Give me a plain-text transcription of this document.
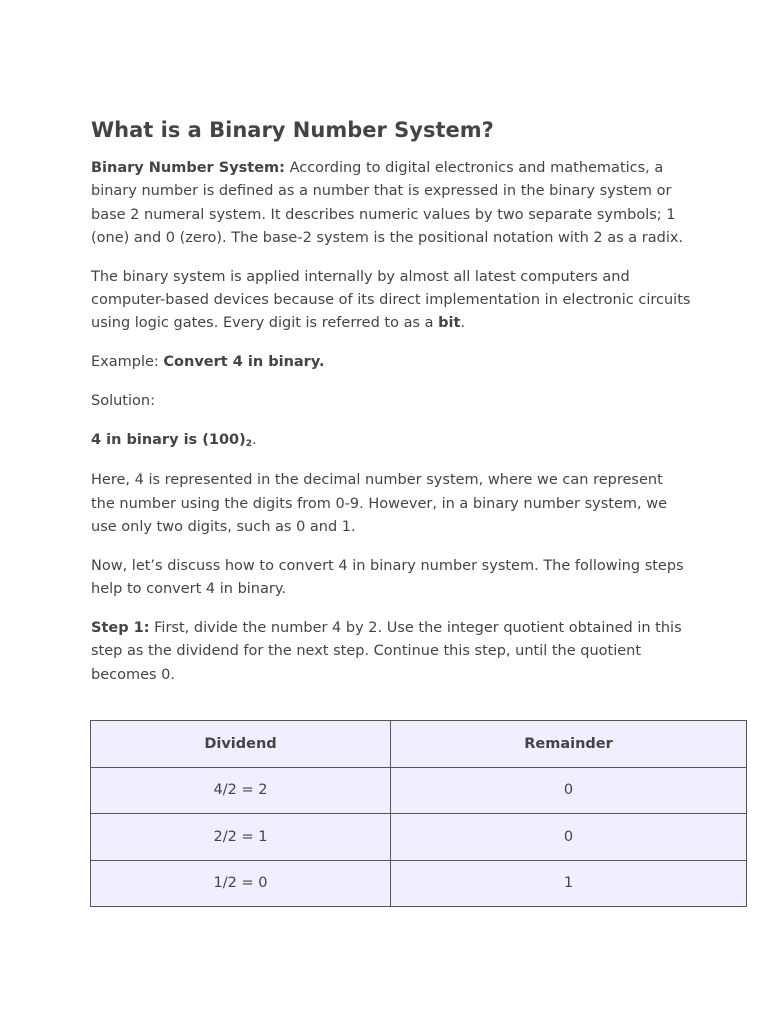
What is a Binary Number System?

Binary Number System: According to digital electronics and mathematics, a binary number is defined as a number that is expressed in the binary system or base 2 numeral system. It describes numeric values by two separate symbols; 1 (one) and 0 (zero). The base-2 system is the positional notation with 2 as a radix.

The binary system is applied internally by almost all latest computers and computer-based devices because of its direct implementation in electronic circuits using logic gates. Every digit is referred to as a bit.

Example: Convert 4 in binary.

Solution:

4 in binary is $(100)_2$.

Here, 4 is represented in the decimal number system, where we can represent the number using the digits from 0-9. However, in a binary number system, we use only two digits, such as 0 and 1.

Now, let’s discuss how to convert 4 in binary number system. The following steps help to convert 4 in binary.

Step 1: First, divide the number 4 by 2. Use the integer quotient obtained in this step as the dividend for the next step. Continue this step, until the quotient becomes 0.

Dividend	Remainder
4/2 = 2	0
2/2 = 1	0
1/2 = 0	1
